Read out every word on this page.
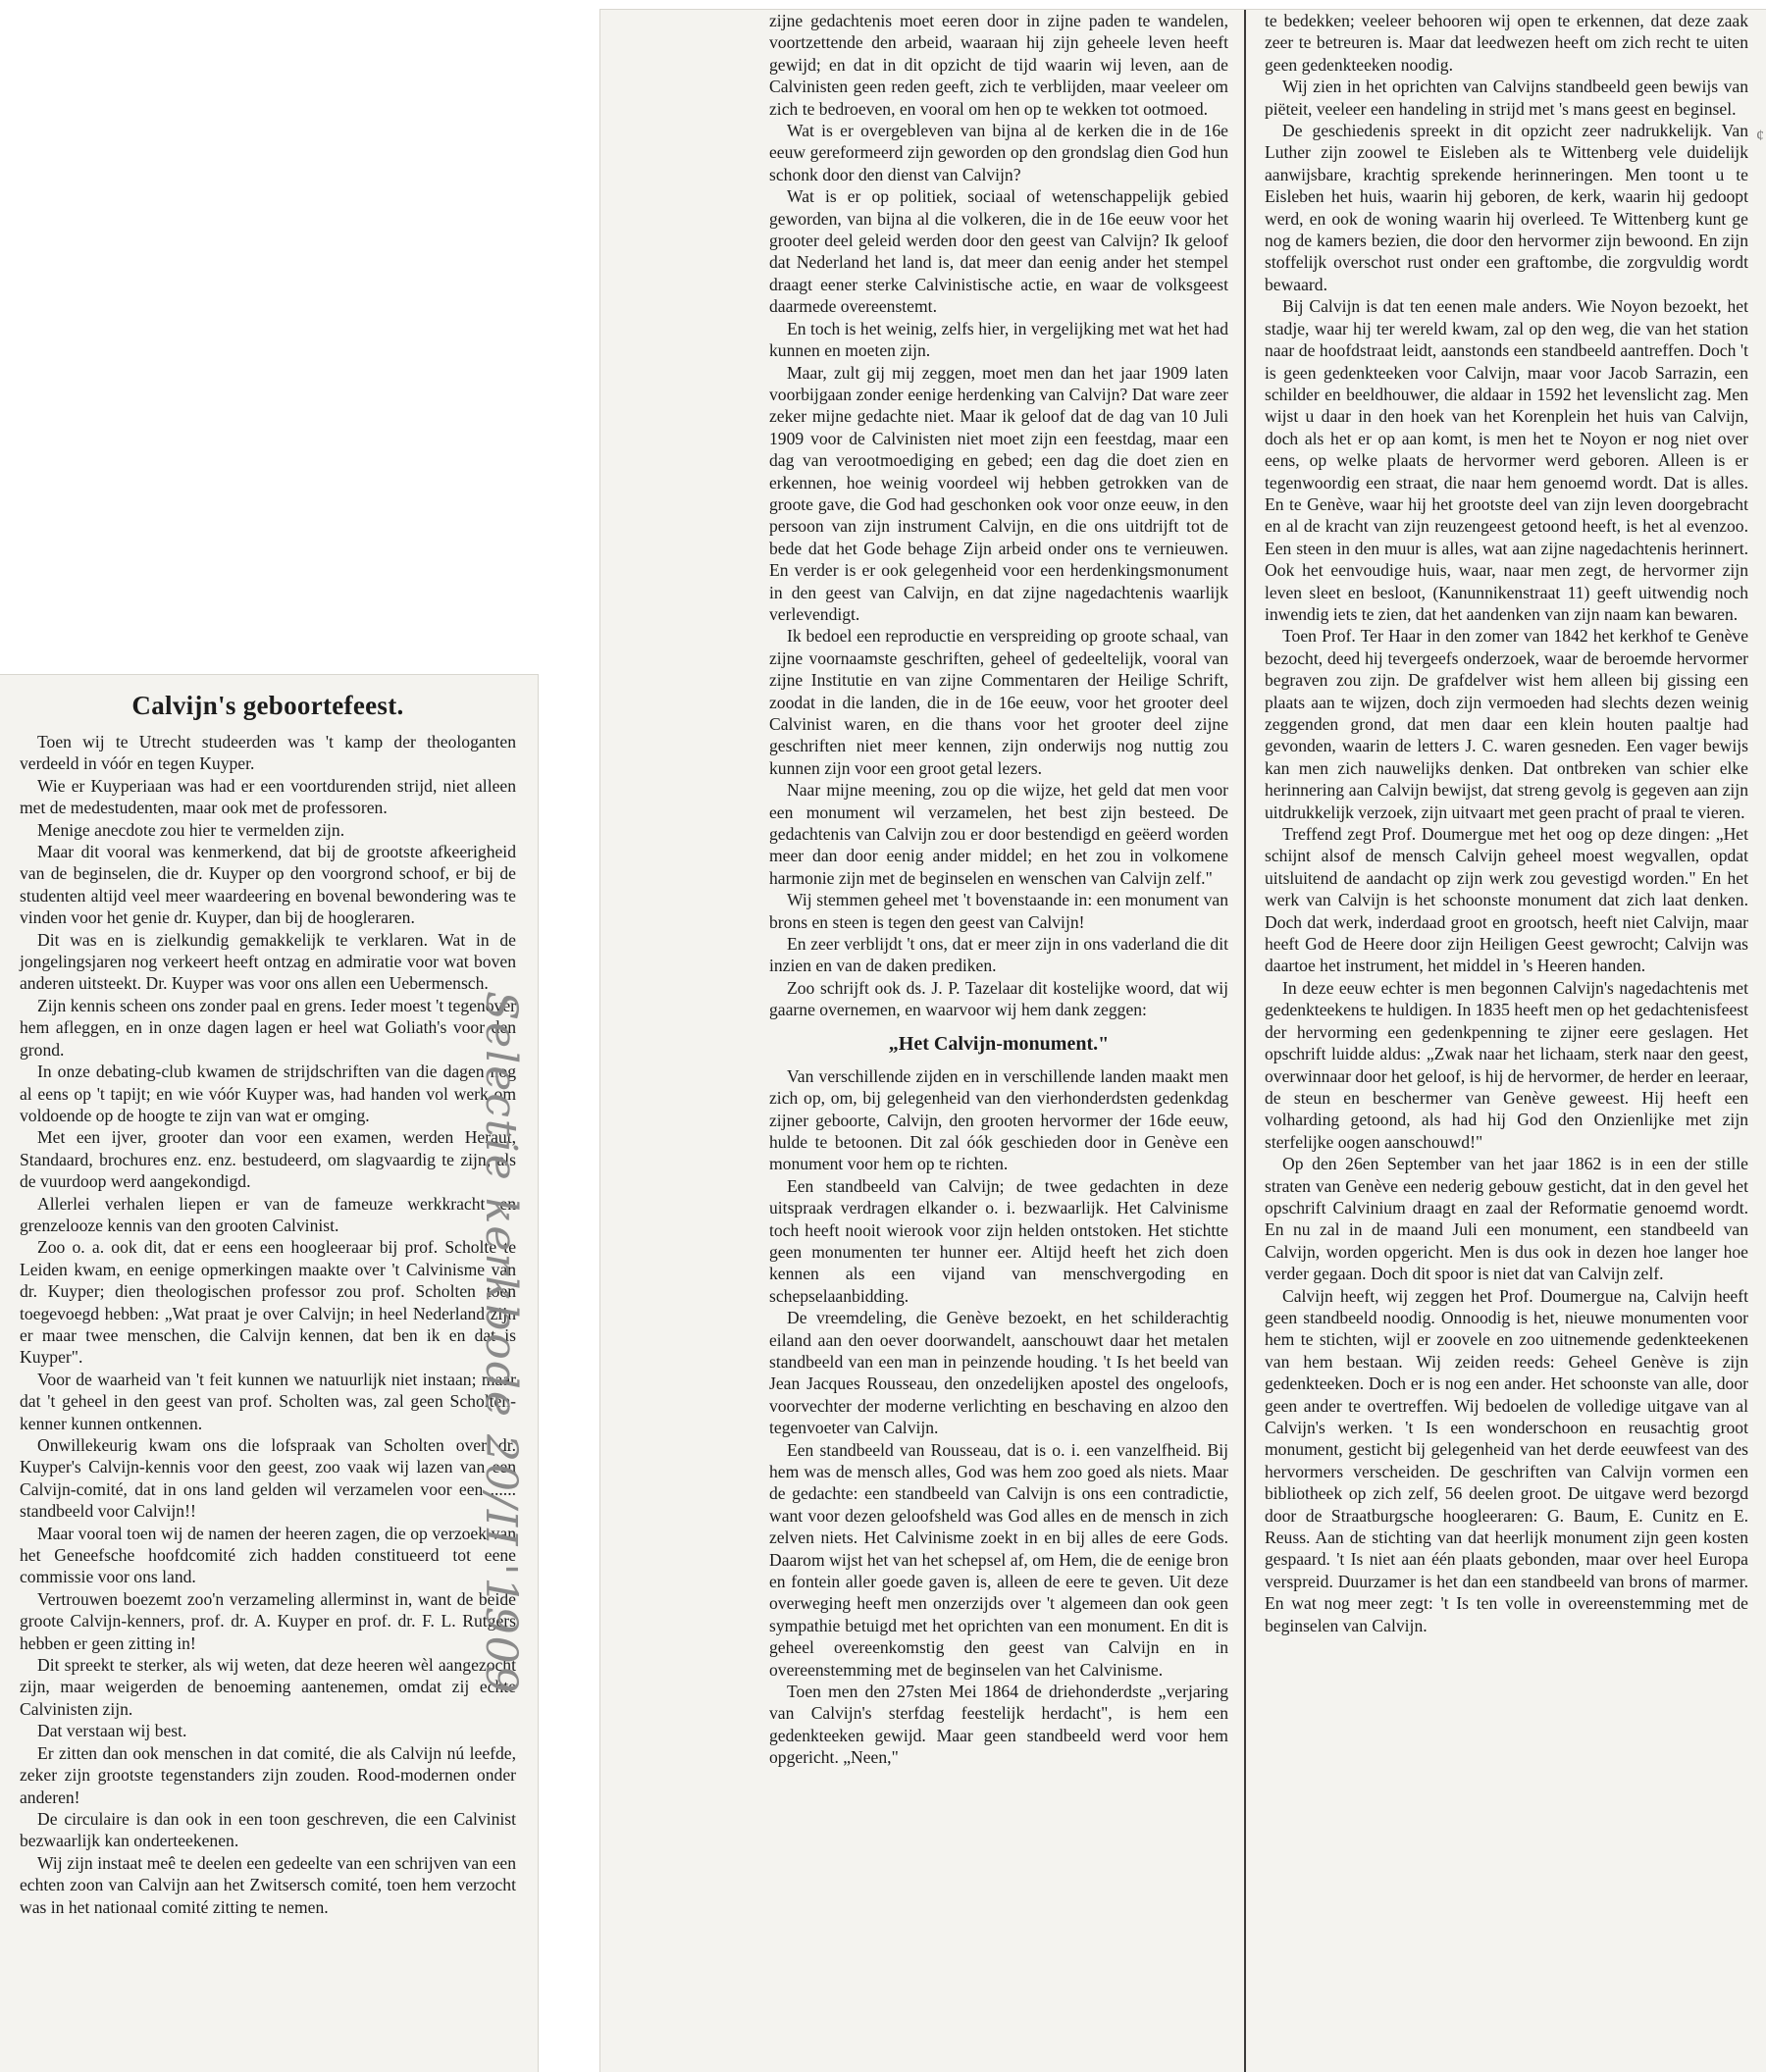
Calvijn's geboortefeest.

Toen wij te Utrecht studeerden was 't kamp der theologanten verdeeld in vóór en tegen Kuyper.

Wie er Kuyperiaan was had er een voortdurenden strijd, niet alleen met de medestudenten, maar ook met de professoren.

Menige anecdote zou hier te vermelden zijn.

Maar dit vooral was kenmerkend, dat bij de grootste afkeerigheid van de beginselen, die dr. Kuyper op den voorgrond schoof, er bij de studenten altijd veel meer waardeering en bovenal bewondering was te vinden voor het genie dr. Kuyper, dan bij de hoogleraren.

Dit was en is zielkundig gemakkelijk te verklaren. Wat in de jongelingsjaren nog verkeert heeft ontzag en admiratie voor wat boven anderen uitsteekt. Dr. Kuyper was voor ons allen een Uebermensch.

Zijn kennis scheen ons zonder paal en grens. Ieder moest 't tegenover hem afleggen, en in onze dagen lagen er heel wat Goliath's voor den grond.

In onze debating-club kwamen de strijdschriften van die dagen nog al eens op 't tapijt; en wie vóór Kuyper was, had handen vol werk om voldoende op de hoogte te zijn van wat er omging.

Met een ijver, grooter dan voor een examen, werden Heraut, Standaard, brochures enz. enz. bestudeerd, om slagvaardig te zijn, als de vuurdoop werd aangekondigd.

Allerlei verhalen liepen er van de fameuze werkkracht en grenzelooze kennis van den grooten Calvinist.

Zoo o. a. ook dit, dat er eens een hoogleeraar bij prof. Scholte te Leiden kwam, en eenige opmerkingen maakte over 't Calvinisme van dr. Kuyper; dien theologischen professor zou prof. Scholten toen toegevoegd hebben: „Wat praat je over Calvijn; in heel Nederland zijn er maar twee menschen, die Calvijn kennen, dat ben ik en dat is Kuyper".

Voor de waarheid van 't feit kunnen we natuurlijk niet instaan; maar dat 't geheel in den geest van prof. Scholten was, zal geen Scholten-kenner kunnen ontkennen.

Onwillekeurig kwam ons die lofspraak van Scholten over dr. Kuyper's Calvijn-kennis voor den geest, zoo vaak wij lazen van een Calvijn-comité, dat in ons land gelden wil verzamelen voor een ...... standbeeld voor Calvijn!!

Maar vooral toen wij de namen der heeren zagen, die op verzoek van het Geneefsche hoofdcomité zich hadden constitueerd tot eene commissie voor ons land.

Vertrouwen boezemt zoo'n verzameling allerminst in, want de beide groote Calvijn-kenners, prof. dr. A. Kuyper en prof. dr. F. L. Rutgers hebben er geen zitting in!

Dit spreekt te sterker, als wij weten, dat deze heeren wèl aangezocht zijn, maar weigerden de benoeming aantenemen, omdat zij echte Calvinisten zijn.

Dat verstaan wij best.

Er zitten dan ook menschen in dat comité, die als Calvijn nú leefde, zeker zijn grootste tegenstanders zijn zouden. Rood-modernen onder anderen!

De circulaire is dan ook in een toon geschreven, die een Calvinist bezwaarlijk kan onderteekenen.

Wij zijn instaat meê te deelen een gedeelte van een schrijven van een echten zoon van Calvijn aan het Zwitsersch comité, toen hem verzocht was in het nationaal comité zitting te nemen.

Selectie kerkbode 20/II '1909

zijne gedachtenis moet eeren door in zijne paden te wandelen, voortzettende den arbeid, waaraan hij zijn geheele leven heeft gewijd; en dat in dit opzicht de tijd waarin wij leven, aan de Calvinisten geen reden geeft, zich te verblijden, maar veeleer om zich te bedroeven, en vooral om hen op te wekken tot ootmoed.

Wat is er overgebleven van bijna al de kerken die in de 16e eeuw gereformeerd zijn geworden op den grondslag dien God hun schonk door den dienst van Calvijn?

Wat is er op politiek, sociaal of wetenschappelijk gebied geworden, van bijna al die volkeren, die in de 16e eeuw voor het grooter deel geleid werden door den geest van Calvijn? Ik geloof dat Nederland het land is, dat meer dan eenig ander het stempel draagt eener sterke Calvinistische actie, en waar de volksgeest daarmede overeenstemt.

En toch is het weinig, zelfs hier, in vergelijking met wat het had kunnen en moeten zijn.

Maar, zult gij mij zeggen, moet men dan het jaar 1909 laten voorbijgaan zonder eenige herdenking van Calvijn? Dat ware zeer zeker mijne gedachte niet. Maar ik geloof dat de dag van 10 Juli 1909 voor de Calvinisten niet moet zijn een feestdag, maar een dag van verootmoediging en gebed; een dag die doet zien en erkennen, hoe weinig voordeel wij hebben getrokken van de groote gave, die God had geschonken ook voor onze eeuw, in den persoon van zijn instrument Calvijn, en die ons uitdrijft tot de bede dat het Gode behage Zijn arbeid onder ons te vernieuwen. En verder is er ook gelegenheid voor een herdenkingsmonument in den geest van Calvijn, en dat zijne nagedachtenis waarlijk verlevendigt.

Ik bedoel een reproductie en verspreiding op groote schaal, van zijne voornaamste geschriften, geheel of gedeeltelijk, vooral van zijne Institutie en van zijne Commentaren der Heilige Schrift, zoodat in die landen, die in de 16e eeuw, voor het grooter deel Calvinist waren, en die thans voor het grooter deel zijne geschriften niet meer kennen, zijn onderwijs nog nuttig zou kunnen zijn voor een groot getal lezers.

Naar mijne meening, zou op die wijze, het geld dat men voor een monument wil verzamelen, het best zijn besteed. De gedachtenis van Calvijn zou er door bestendigd en geëerd worden meer dan door eenig ander middel; en het zou in volkomene harmonie zijn met de beginselen en wenschen van Calvijn zelf."

Wij stemmen geheel met 't bovenstaande in: een monument van brons en steen is tegen den geest van Calvijn!

En zeer verblijdt 't ons, dat er meer zijn in ons vaderland die dit inzien en van de daken prediken.

Zoo schrijft ook ds. J. P. Tazelaar dit kostelijke woord, dat wij gaarne overnemen, en waarvoor wij hem dank zeggen:

„Het Calvijn-monument."

Van verschillende zijden en in verschillende landen maakt men zich op, om, bij gelegenheid van den vierhonderdsten gedenkdag zijner geboorte, Calvijn, den grooten hervormer der 16de eeuw, hulde te betoonen. Dit zal óók geschieden door in Genève een monument voor hem op te richten.

Een standbeeld van Calvijn; de twee gedachten in deze uitspraak verdragen elkander o. i. bezwaarlijk. Het Calvinisme toch heeft nooit wierook voor zijn helden ontstoken. Het stichtte geen monumenten ter hunner eer. Altijd heeft het zich doen kennen als een vijand van menschvergoding en schepselaanbidding.

De vreemdeling, die Genève bezoekt, en het schilderachtig eiland aan den oever doorwandelt, aanschouwt daar het metalen standbeeld van een man in peinzende houding. 't Is het beeld van Jean Jacques Rousseau, den onzedelijken apostel des ongeloofs, voorvechter der moderne verlichting en beschaving en alzoo den tegenvoeter van Calvijn.

Een standbeeld van Rousseau, dat is o. i. een vanzelfheid. Bij hem was de mensch alles, God was hem zoo goed als niets. Maar de gedachte: een standbeeld van Calvijn is ons een contradictie, want voor dezen geloofsheld was God alles en de mensch in zich zelven niets. Het Calvinisme zoekt in en bij alles de eere Gods. Daarom wijst het van het schepsel af, om Hem, die de eenige bron en fontein aller goede gaven is, alleen de eere te geven. Uit deze overweging heeft men onzerzijds over 't algemeen dan ook geen sympathie betuigd met het oprichten van een monument. En dit is geheel overeenkomstig den geest van Calvijn en in overeenstemming met de beginselen van het Calvinisme.

Toen men den 27sten Mei 1864 de driehonderdste „verjaring van Calvijn's sterfdag feestelijk herdacht", is hem een gedenkteeken gewijd. Maar geen standbeeld werd voor hem opgericht. „Neen,"

te bedekken; veeleer behooren wij open te erkennen, dat deze zaak zeer te betreuren is. Maar dat leedwezen heeft om zich recht te uiten geen gedenkteeken noodig.

Wij zien in het oprichten van Calvijns standbeeld geen bewijs van piëteit, veeleer een handeling in strijd met 's mans geest en beginsel.

De geschiedenis spreekt in dit opzicht zeer nadrukkelijk. Van Luther zijn zoowel te Eisleben als te Wittenberg vele duidelijk aanwijsbare, krachtig sprekende herinneringen. Men toont u te Eisleben het huis, waarin hij geboren, de kerk, waarin hij gedoopt werd, en ook de woning waarin hij overleed. Te Wittenberg kunt ge nog de kamers bezien, die door den hervormer zijn bewoond. En zijn stoffelijk overschot rust onder een graftombe, die zorgvuldig wordt bewaard.

Bij Calvijn is dat ten eenen male anders. Wie Noyon bezoekt, het stadje, waar hij ter wereld kwam, zal op den weg, die van het station naar de hoofdstraat leidt, aanstonds een standbeeld aantreffen. Doch 't is geen gedenkteeken voor Calvijn, maar voor Jacob Sarrazin, een schilder en beeldhouwer, die aldaar in 1592 het levenslicht zag. Men wijst u daar in den hoek van het Korenplein het huis van Calvijn, doch als het er op aan komt, is men het te Noyon er nog niet over eens, op welke plaats de hervormer werd geboren. Alleen is er tegenwoordig een straat, die naar hem genoemd wordt. Dat is alles. En te Genève, waar hij het grootste deel van zijn leven doorgebracht en al de kracht van zijn reuzengeest getoond heeft, is het al evenzoo. Een steen in den muur is alles, wat aan zijne nagedachtenis herinnert. Ook het eenvoudige huis, waar, naar men zegt, de hervormer zijn leven sleet en besloot, (Kanunnikenstraat 11) geeft uitwendig noch inwendig iets te zien, dat het aandenken van zijn naam kan bewaren.

Toen Prof. Ter Haar in den zomer van 1842 het kerkhof te Genève bezocht, deed hij tevergeefs onderzoek, waar de beroemde hervormer begraven zou zijn. De grafdelver wist hem alleen bij gissing een plaats aan te wijzen, doch zijn vermoeden had slechts dezen weinig zeggenden grond, dat men daar een klein houten paaltje had gevonden, waarin de letters J. C. waren gesneden. Een vager bewijs kan men zich nauwelijks denken. Dat ontbreken van schier elke herinnering aan Calvijn bewijst, dat streng gevolg is gegeven aan zijn uitdrukkelijk verzoek, zijn uitvaart met geen pracht of praal te vieren.

Treffend zegt Prof. Doumergue met het oog op deze dingen: „Het schijnt alsof de mensch Calvijn geheel moest wegvallen, opdat uitsluitend de aandacht op zijn werk zou gevestigd worden." En het werk van Calvijn is het schoonste monument dat zich laat denken. Doch dat werk, inderdaad groot en grootsch, heeft niet Calvijn, maar heeft God de Heere door zijn Heiligen Geest gewrocht; Calvijn was daartoe het instrument, het middel in 's Heeren handen.

In deze eeuw echter is men begonnen Calvijn's nagedachtenis met gedenkteekens te huldigen. In 1835 heeft men op het gedachtenisfeest der hervorming een gedenkpenning te zijner eere geslagen. Het opschrift luidde aldus: „Zwak naar het lichaam, sterk naar den geest, overwinnaar door het geloof, is hij de hervormer, de herder en leeraar, de steun en beschermer van Genève geweest. Hij heeft een volharding getoond, als had hij God den Onzienlijke met zijn sterfelijke oogen aanschouwd!"

Op den 26en September van het jaar 1862 is in een der stille straten van Genève een nederig gebouw gesticht, dat in den gevel het opschrift Calvinium draagt en zaal der Reformatie genoemd wordt. En nu zal in de maand Juli een monument, een standbeeld van Calvijn, worden opgericht. Men is dus ook in dezen hoe langer hoe verder gegaan. Doch dit spoor is niet dat van Calvijn zelf.

Calvijn heeft, wij zeggen het Prof. Doumergue na, Calvijn heeft geen standbeeld noodig. Onnoodig is het, nieuwe monumenten voor hem te stichten, wijl er zoovele en zoo uitnemende gedenkteekenen van hem bestaan. Wij zeiden reeds: Geheel Genève is zijn gedenkteeken. Doch er is nog een ander. Het schoonste van alle, door geen ander te overtreffen. Wij bedoelen de volledige uitgave van al Calvijn's werken. 't Is een wonderschoon en reusachtig groot monument, gesticht bij gelegenheid van het derde eeuwfeest van des hervormers verscheiden. De geschriften van Calvijn vormen een bibliotheek op zich zelf, 56 deelen groot. De uitgave werd bezorgd door de Straatburgsche hoogleeraren: G. Baum, E. Cunitz en E. Reuss. Aan de stichting van dat heerlijk monument zijn geen kosten gespaard. 't Is niet aan één plaats gebonden, maar over heel Europa verspreid. Duurzamer is het dan een standbeeld van brons of marmer. En wat nog meer zegt: 't Is ten volle in overeenstemming met de beginselen van Calvijn.

¢
